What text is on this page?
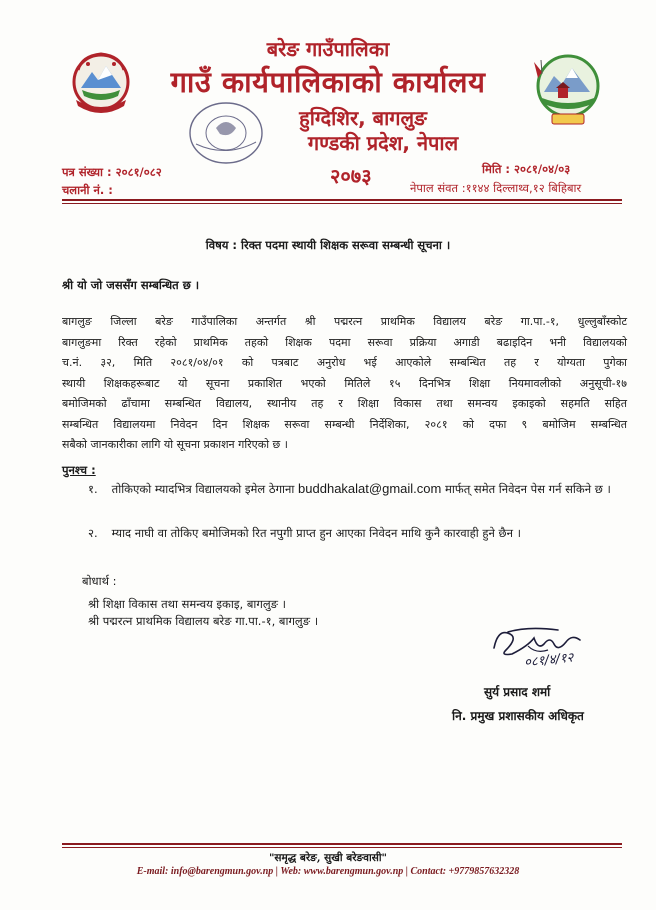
बरेङ गाउँपालिका
गाउँ कार्यपालिकाको कार्यालय
हुग्दिशिर, बागलुङ
गण्डकी प्रदेश, नेपाल
२०७३
पत्र संख्या : २०८१/०८२
चलानी नं. :
मिति : २०८१/०४/०३
नेपाल संवत :११४४ दिल्लाथ्व,१२ बिहिबार
विषय : रिक्त पदमा स्थायी शिक्षक सरूवा सम्बन्धी सूचना ।
श्री यो जो जससँग सम्बन्धित छ ।
बागलुङ जिल्ला बरेङ गाउँपालिका अन्तर्गत श्री पद्मरत्न प्राथमिक विद्यालय बरेङ गा.पा.-१, धुल्लुबाँस्कोट
बागलुङमा रिक्त रहेको प्राथमिक तहको शिक्षक पदमा सरूवा प्रक्रिया अगाडी बढाइदिन भनी विद्यालयको
च.नं. ३२, मिति २०८१/०४/०१ को पत्रबाट अनुरोध भई आएकोले सम्बन्धित तह र योग्यता पुगेका
स्थायी शिक्षकहरूबाट यो सूचना प्रकाशित भएको मितिले १५ दिनभित्र शिक्षा नियमावलीको अनुसूची-१७
बमोजिमको ढाँचामा सम्बन्धित विद्यालय, स्थानीय तह र शिक्षा विकास तथा समन्वय इकाइको सहमति सहित
सम्बन्धित विद्यालयमा निवेदन दिन शिक्षक सरूवा सम्बन्धी निर्देशिका, २०८१ को दफा ९ बमोजिम सम्बन्धित
सबैको जानकारीका लागि यो सूचना प्रकाशन गरिएको छ ।
पुनश्च :
१. तोकिएको म्यादभित्र विद्यालयको इमेल ठेगाना buddhakalat@gmail.com मार्फत् समेत निवेदन पेस गर्न सकिने छ ।
२. म्याद नाघी वा तोकिए बमोजिमको रित नपुगी प्राप्त हुन आएका निवेदन माथि कुनै कारवाही हुने छैन ।
बोधार्थ :
श्री शिक्षा विकास तथा समन्वय इकाइ, बागलुङ ।
श्री पद्मरत्न प्राथमिक विद्यालय बरेङ गा.पा.-१, बागलुङ ।
०८१/४/१२
सुर्य प्रसाद शर्मा
नि. प्रमुख प्रशासकीय अधिकृत
"समृद्ध बरेङ, सुखी बरेङवासी"
E-mail: info@barengmun.gov.np | Web: www.barengmun.gov.np | Contact: +9779857632328
